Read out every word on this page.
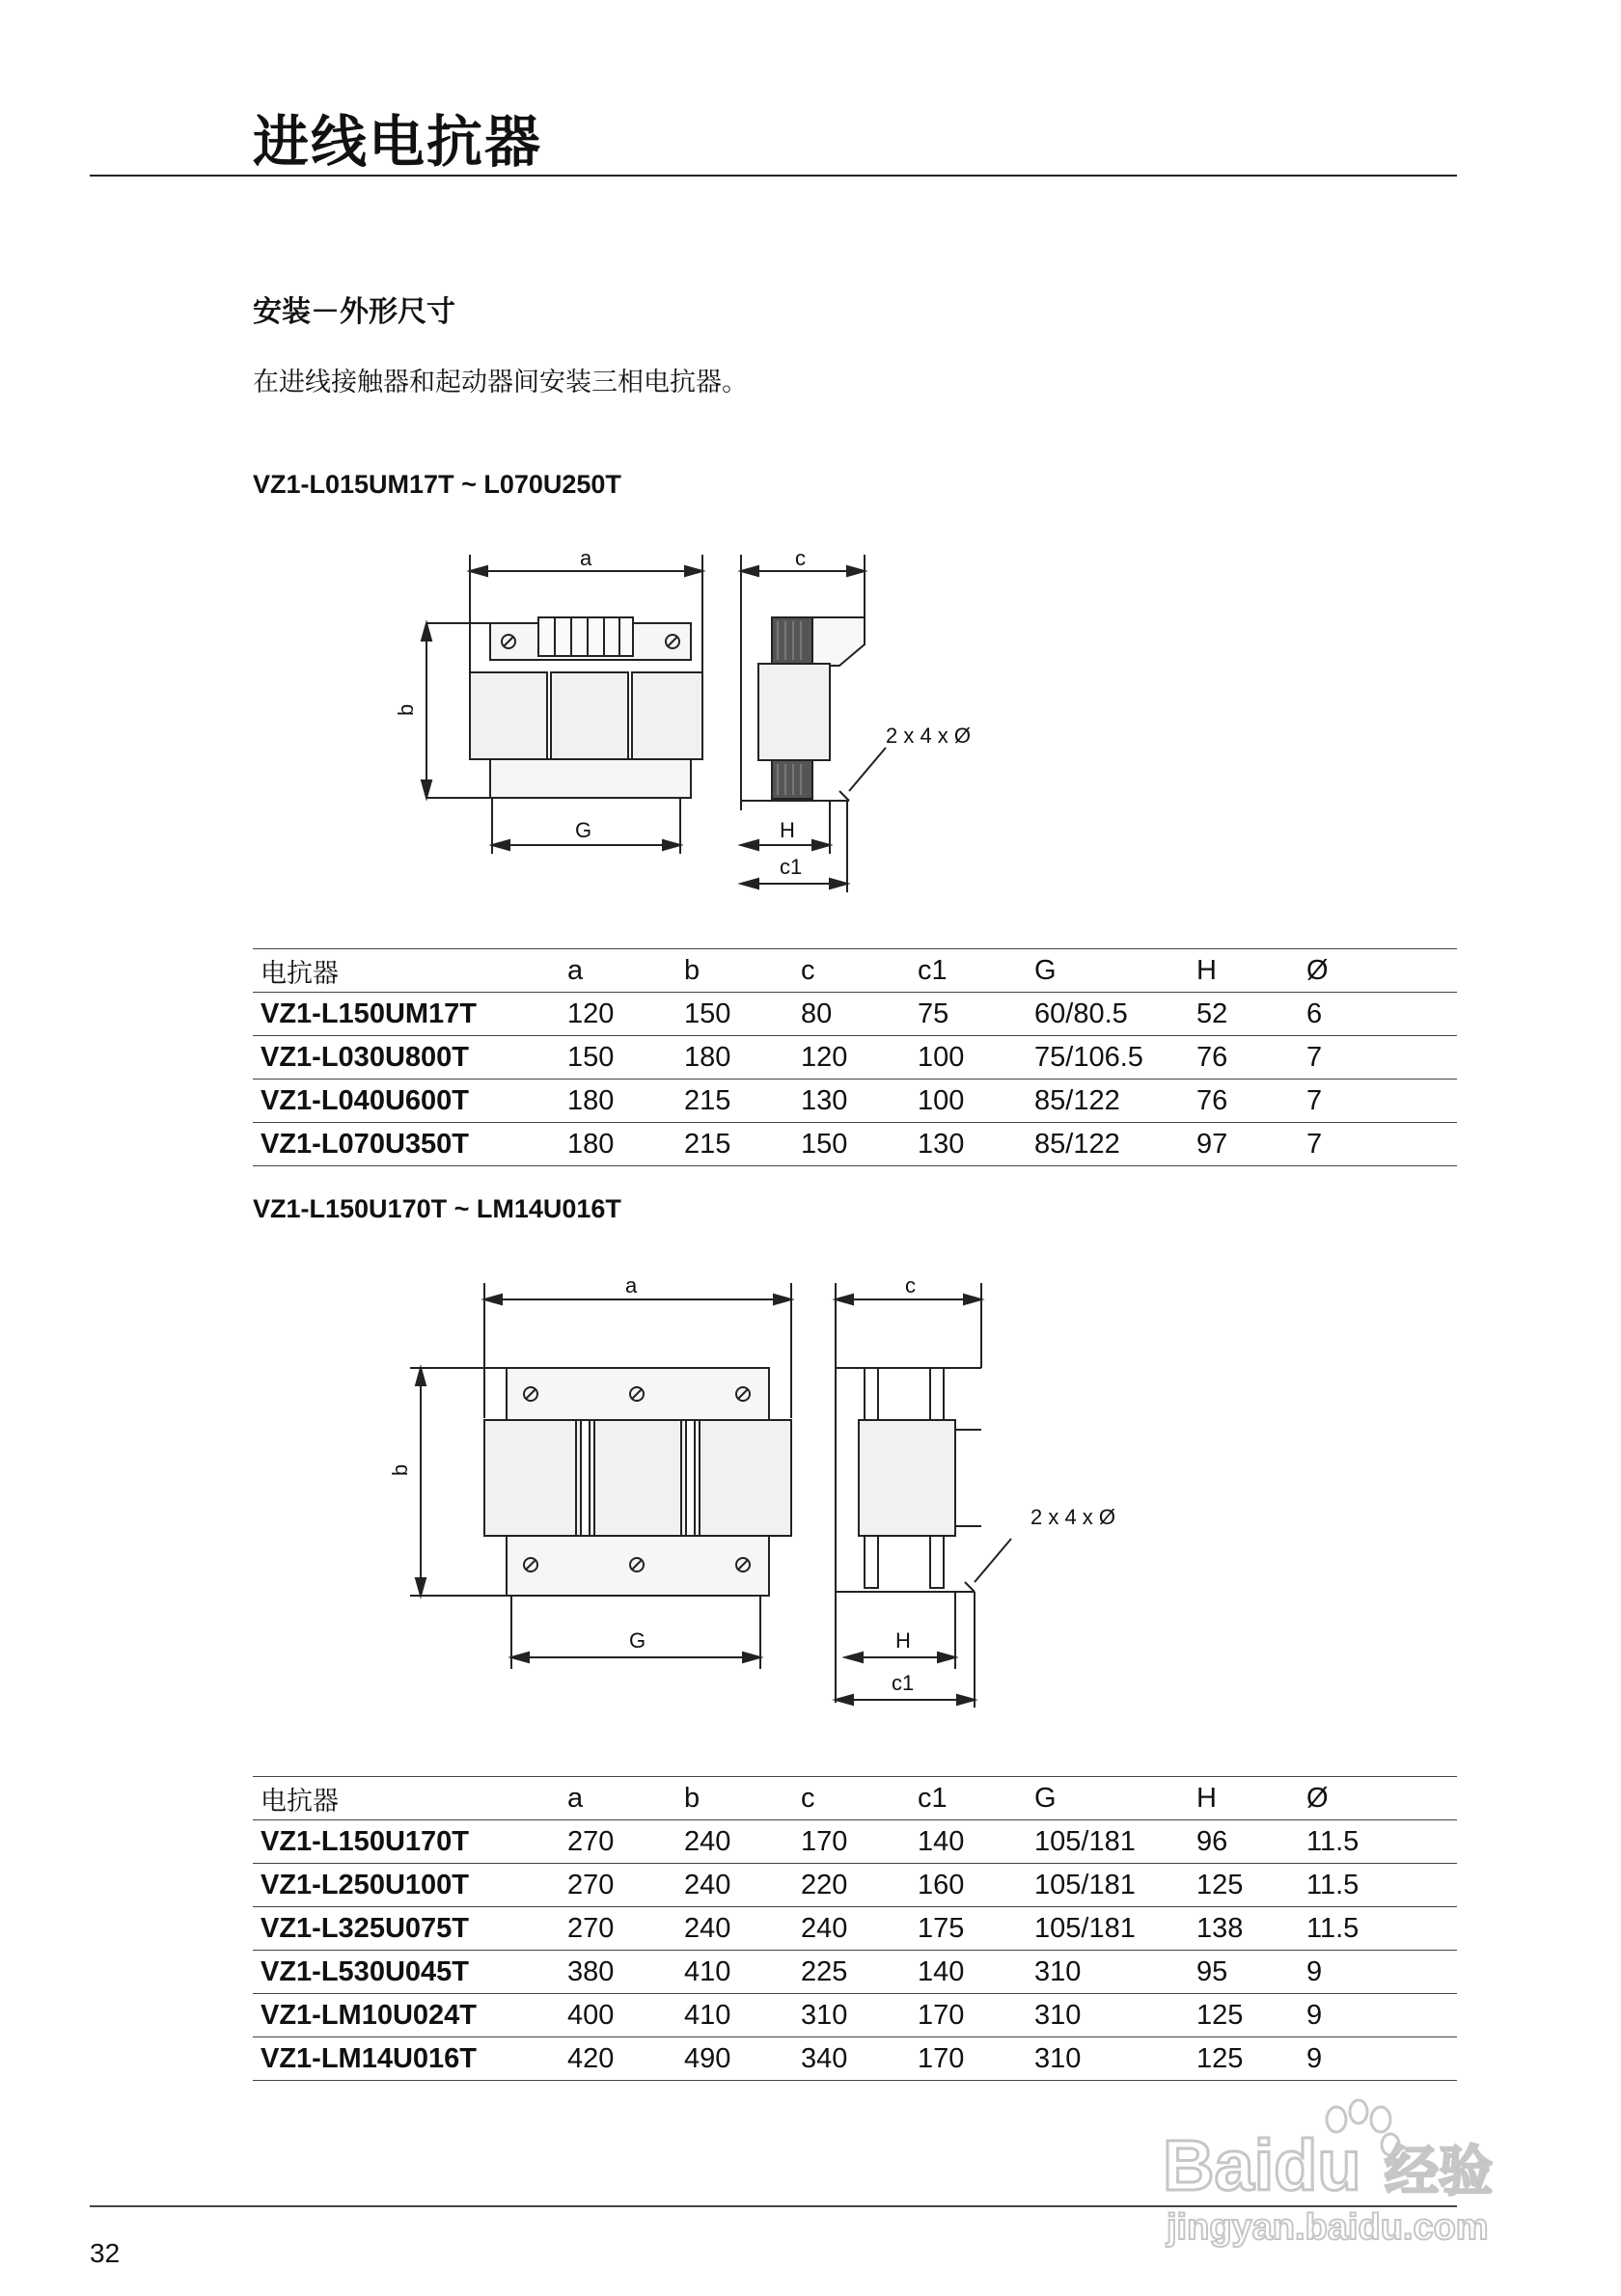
进线电抗器
安装－外形尺寸
在进线接触器和起动器间安装三相电抗器。
VZ1-L015UM17T ~ L070U250T
a	c
b
G	H
c1
2 x 4 x Ø
电抗器	a	b	c	c1	G	H	Ø
VZ1-L150UM17T	120	150	80	75	60/80.5	52	6
VZ1-L030U800T	150	180	120	100	75/106.5	76	7
VZ1-L040U600T	180	215	130	100	85/122	76	7
VZ1-L070U350T	180	215	150	130	85/122	97	7
VZ1-L150U170T ~ LM14U016T
a	c
b
G	H
c1
2 x 4 x Ø
电抗器	a	b	c	c1	G	H	Ø
VZ1-L150U170T	270	240	170	140	105/181	96	11.5
VZ1-L250U100T	270	240	220	160	105/181	125	11.5
VZ1-L325U075T	270	240	240	175	105/181	138	11.5
VZ1-L530U045T	380	410	225	140	310	95	9
VZ1-LM10U024T	400	410	310	170	310	125	9
VZ1-LM14U016T	420	490	340	170	310	125	9
Baidu 经验
jingyan.baidu.com
32
